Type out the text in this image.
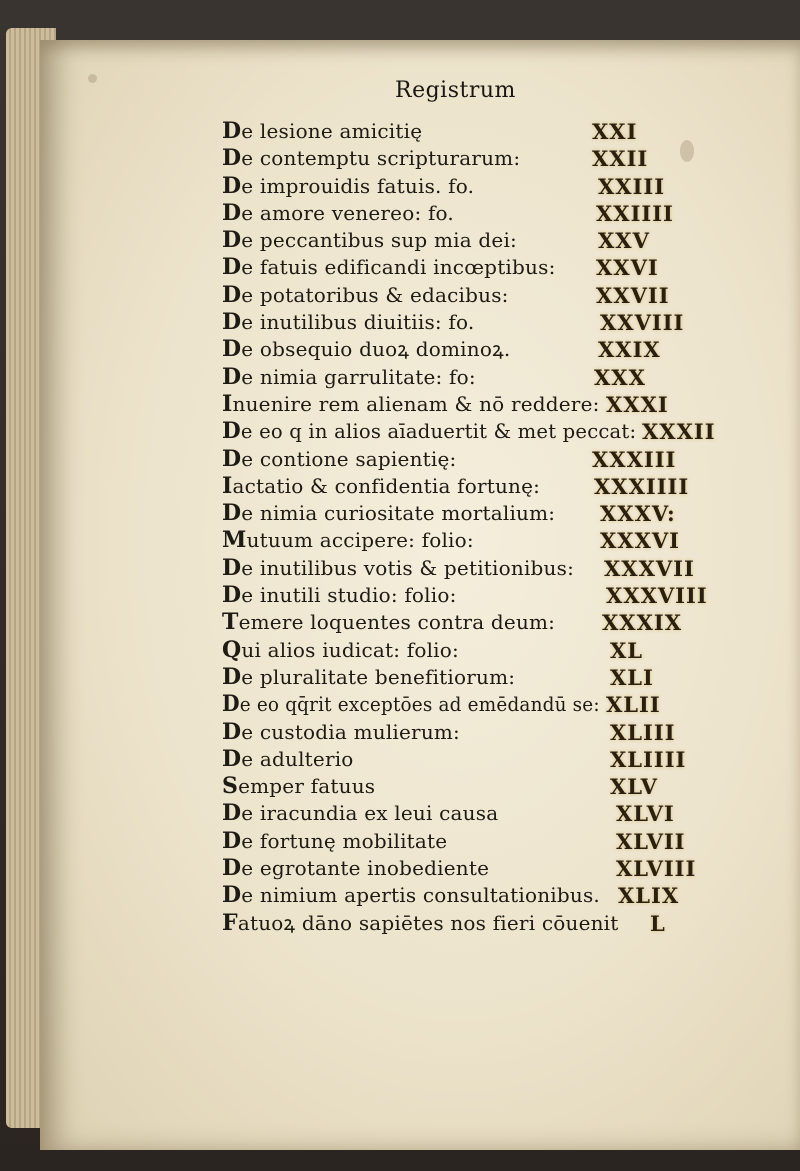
Registrum
De lesione amicitię	XXI
De contemptu scripturarum:	XXII
De improuidis fatuis. fo.	XXIII
De amore venereo: fo.	XXIIII
De peccantibus sup mia dei:	XXV
De fatuis edificandi incœptibus: XXVI
De potatoribus & edacibus:	XXVII
De inutilibus diuitiis: fo.	XXVIII
De obsequio duoꝝ dominoꝝ.	XXIX
De nimia garrulitate: fo:	XXX
Inuenire rem alienam & nō reddere: XXXI
De eo q in alios aīaduertit & met peccat: XXXII
De contione sapientię:	XXXIII
Iactatio & confidentia fortunę:	XXXIIII
De nimia curiositate mortalium: XXXV:
Mutuum accipere: folio:	XXXVI
De inutilibus votis & petitionibus: XXXVII
De inutili studio: folio:	XXXVIII
Temere loquentes contra deum: XXXIX
Qui alios iudicat: folio:	XL
De pluralitate benefitiorum:	XLI
De eo qq̄rit exceptōes ad emēdandū se: XLII
De custodia mulierum:	XLIII
De adulterio	XLIIII
Semper fatuus	XLV
De iracundia ex leui causa	XLVI
De fortunę mobilitate	XLVII
De egrotante inobediente	XLVIII
De nimium apertis consultationibus. XLIX
Fatuoꝝ dāno sapiētes nos fieri cōuenit L
